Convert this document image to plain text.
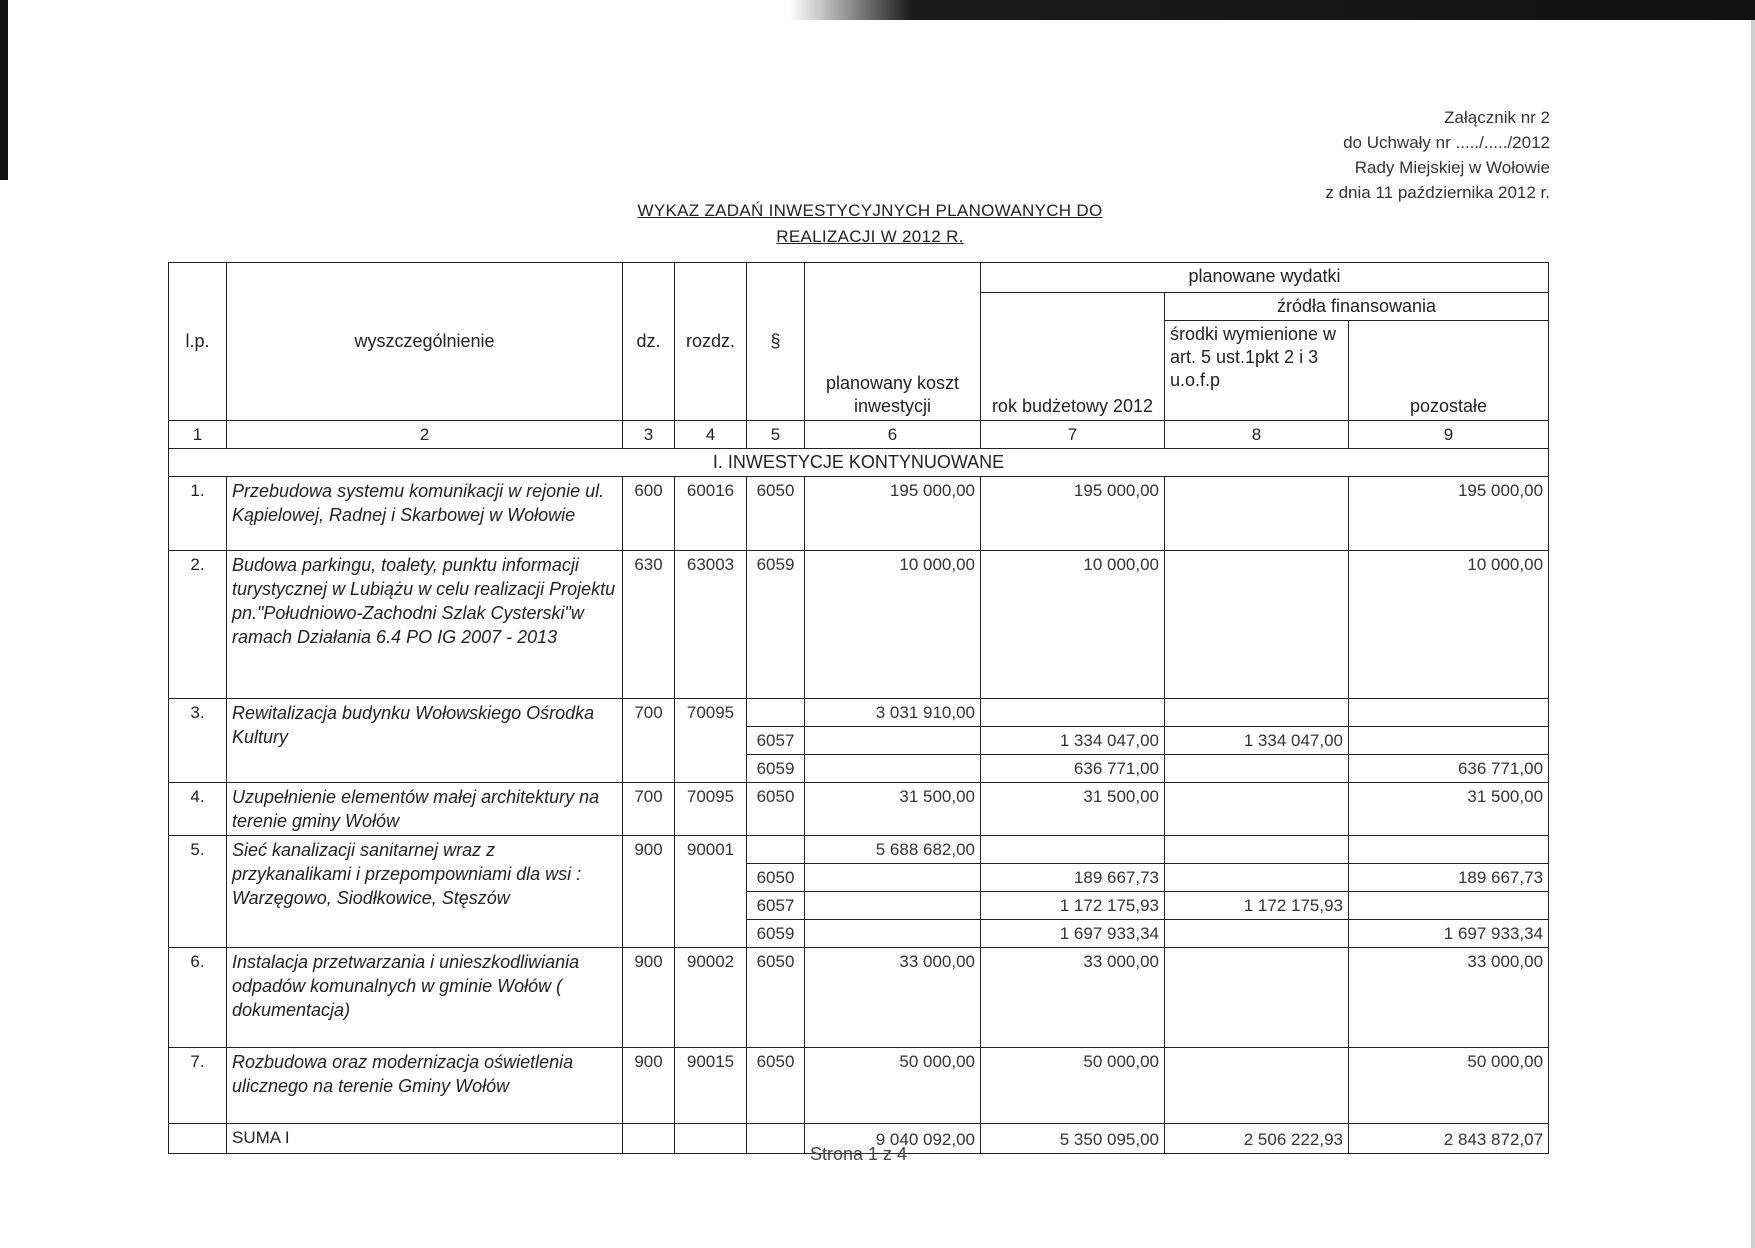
Załącznik nr 2
do Uchwały nr ...../...../2012
Rady Miejskiej w Wołowie
z dnia 11 października 2012 r.
WYKAZ ZADAŃ INWESTYCYJNYCH PLANOWANYCH DO
REALIZACJI W 2012 R.
l.p.	wyszczególnienie	dz.	rozdz.	§	planowany koszt inwestycji	planowane wydatki		
						rok budżetowy 2012	źródła finansowania	
							środki wymienione w art. 5 ust.1pkt 2 i 3 u.o.f.p	pozostałe

1	2	3	4	5	6	7	8	9
I. INWESTYCJE KONTYNUOWANE								
1.	Przebudowa systemu komunikacji w rejonie ul. Kąpielowej, Radnej i Skarbowej w Wołowie	600	60016	6050	195 000,00	195 000,00		195 000,00
2.	Budowa parkingu, toalety, punktu informacji turystycznej w Lubiążu w celu realizacji Projektu pn."Południowo-Zachodni Szlak Cysterski"w ramach Działania 6.4 PO IG 2007 - 2013	630	63003	6059	10 000,00	10 000,00		10 000,00
3.	Rewitalizacja budynku Wołowskiego Ośrodka Kultury	700	70095		3 031 910,00			
				6057		1 334 047,00	1 334 047,00	
				6059		636 771,00		636 771,00
4.	Uzupełnienie elementów małej architektury na terenie gminy Wołów	700	70095	6050	31 500,00	31 500,00		31 500,00
5.	Sieć kanalizacji sanitarnej wraz z przykanalikami i przepompowniami dla wsi : Warzęgowo, Siodłkowice, Stęszów	900	90001		5 688 682,00			
				6050		189 667,73		189 667,73
				6057		1 172 175,93	1 172 175,93	
				6059		1 697 933,34		1 697 933,34
6.	Instalacja przetwarzania i unieszkodliwiania odpadów komunalnych w gminie Wołów ( dokumentacja)	900	90002	6050	33 000,00	33 000,00		33 000,00
7.	Rozbudowa oraz modernizacja oświetlenia ulicznego na terenie Gminy Wołów	900	90015	6050	50 000,00	50 000,00		50 000,00
	SUMA I				9 040 092,00	5 350 095,00	2 506 222,93	2 843 872,07
Strona 1 z 4
